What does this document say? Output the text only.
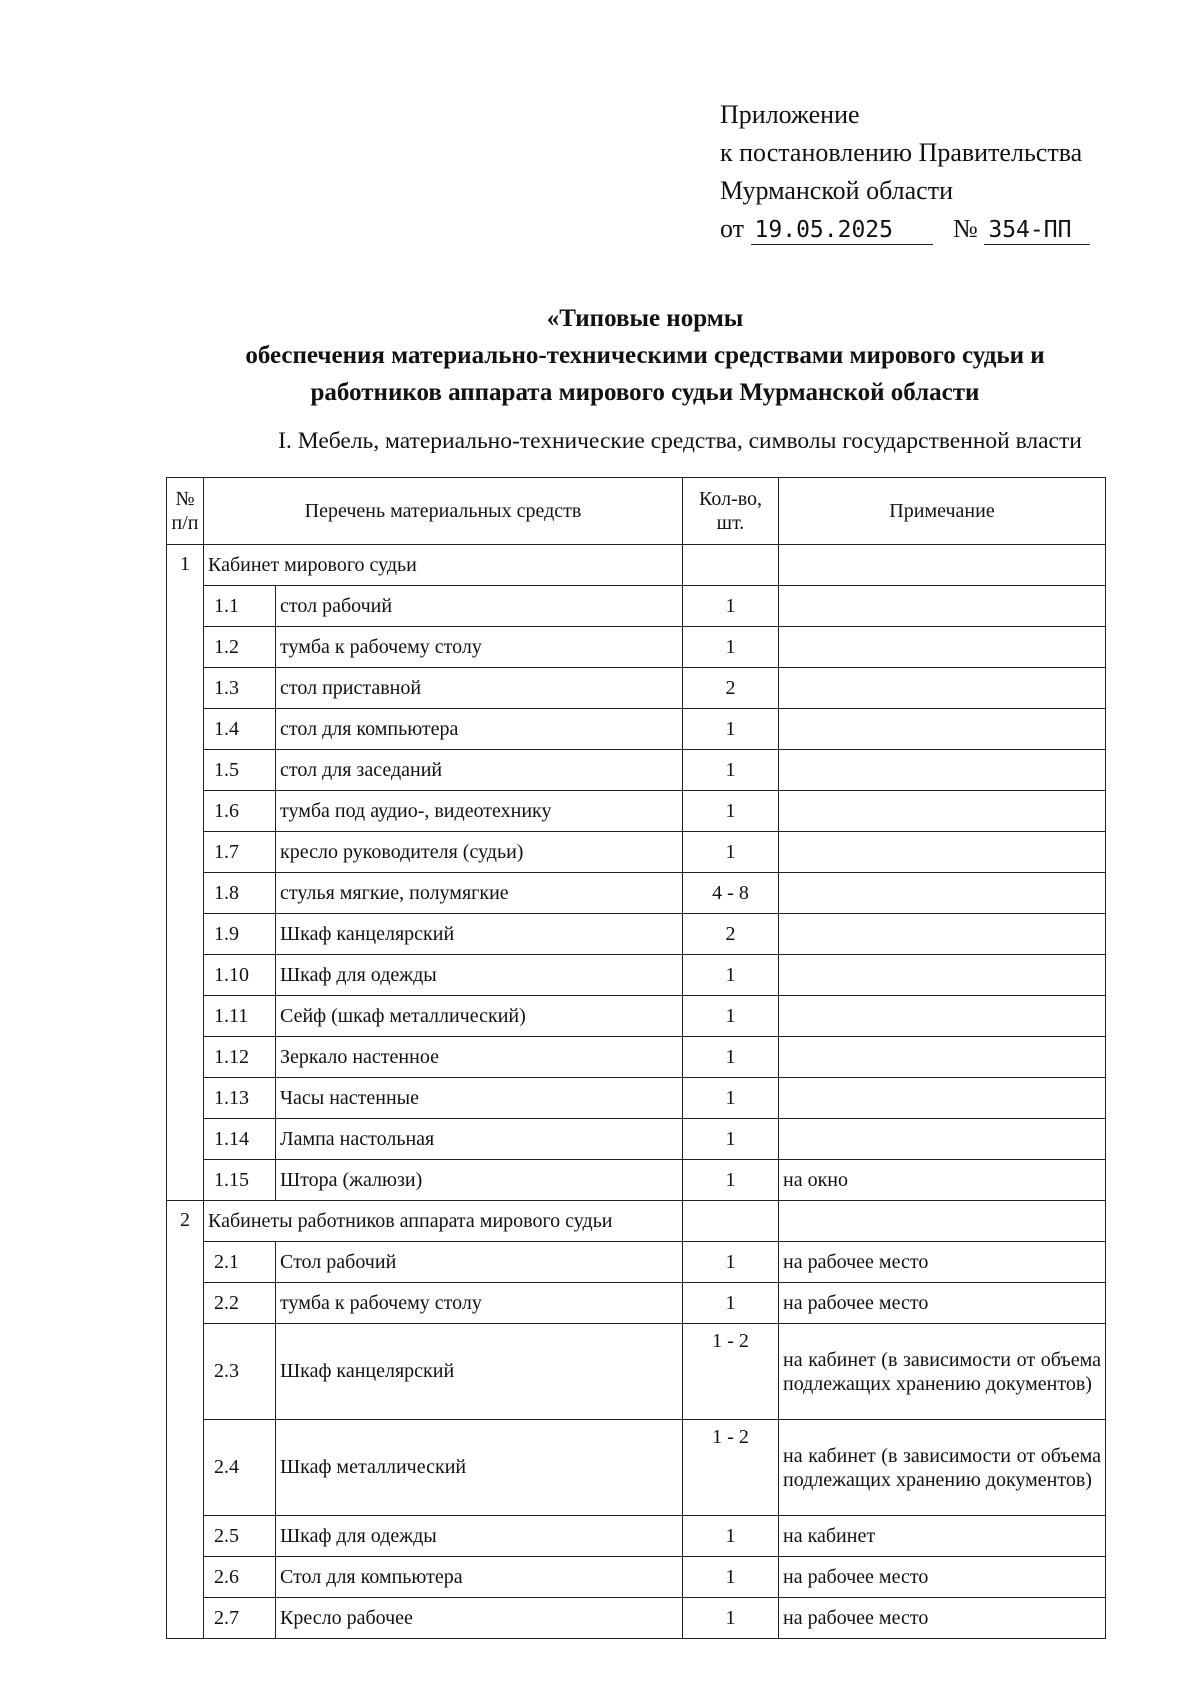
Приложение
к постановлению Правительства
Мурманской области
от 19.05.2025 № 354-ПП
«Типовые нормы
обеспечения материально-техническими средствами мирового судьи и
работников аппарата мирового судьи Мурманской области
I. Мебель, материально-технические средства, символы государственной власти
№ п/п	Перечень материальных средств		Кол-во, шт.	Примечание
1	Кабинет мирового судьи			
	1.1	стол рабочий	1	
	1.2	тумба к рабочему столу	1	
	1.3	стол приставной	2	
	1.4	стол для компьютера	1	
	1.5	стол для заседаний	1	
	1.6	тумба под аудио-, видеотехнику	1	
	1.7	кресло руководителя (судьи)	1	
	1.8	стулья мягкие, полумягкие	4 - 8	
	1.9	Шкаф канцелярский	2	
	1.10	Шкаф для одежды	1	
	1.11	Сейф (шкаф металлический)	1	
	1.12	Зеркало настенное	1	
	1.13	Часы настенные	1	
	1.14	Лампа настольная	1	
	1.15	Штора (жалюзи)	1	на окно
2	Кабинеты работников аппарата мирового судьи			
	2.1	Стол рабочий	1	на рабочее место
	2.2	тумба к рабочему столу	1	на рабочее место
	2.3	Шкаф канцелярский	1 - 2	на кабинет (в зависимости от объема подлежащих хранению документов)
	2.4	Шкаф металлический	1 - 2	на кабинет (в зависимости от объема подлежащих хранению документов)
	2.5	Шкаф для одежды	1	на кабинет
	2.6	Стол для компьютера	1	на рабочее место
	2.7	Кресло рабочее	1	на рабочее место
